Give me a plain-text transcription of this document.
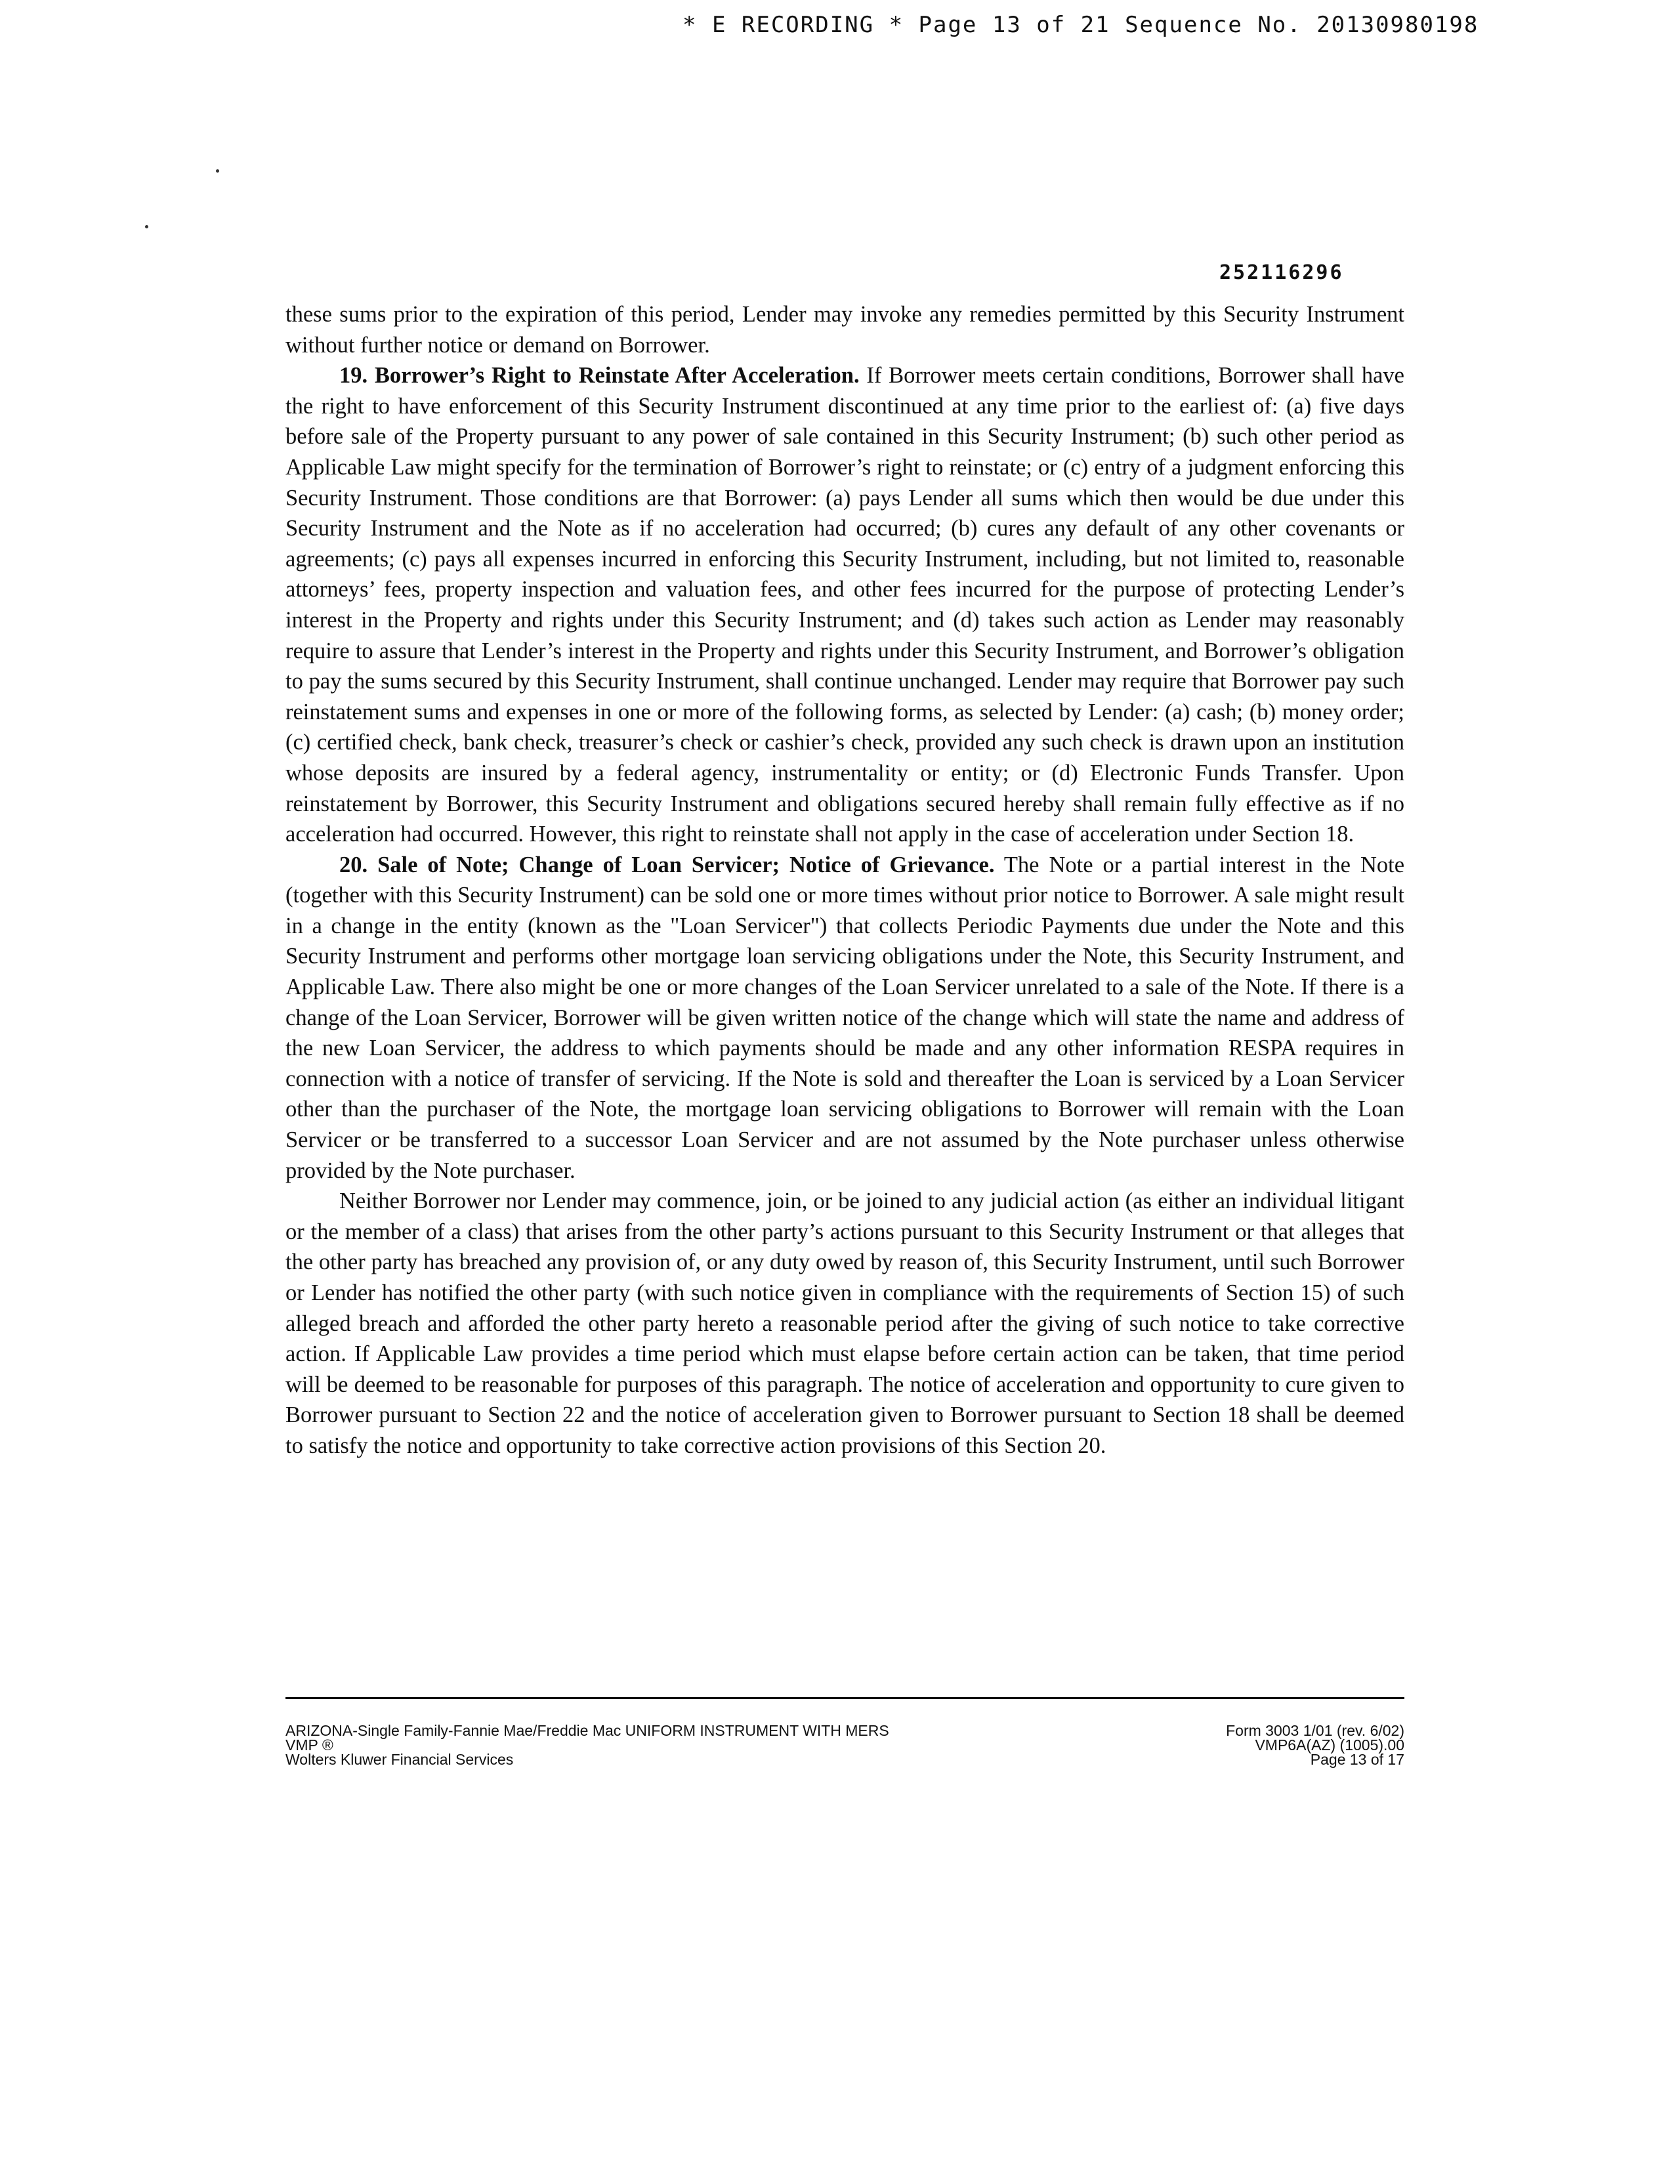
* E RECORDING * Page 13 of 21 Sequence No. 20130980198
252116296

these sums prior to the expiration of this period, Lender may invoke any remedies permitted by this Security Instrument without further notice or demand on Borrower.

19. Borrower’s Right to Reinstate After Acceleration. If Borrower meets certain conditions, Borrower shall have the right to have enforcement of this Security Instrument discontinued at any time prior to the earliest of: (a) five days before sale of the Property pursuant to any power of sale contained in this Security Instrument; (b) such other period as Applicable Law might specify for the termination of Borrower’s right to reinstate; or (c) entry of a judgment enforcing this Security Instrument. Those conditions are that Borrower: (a) pays Lender all sums which then would be due under this Security Instrument and the Note as if no acceleration had occurred; (b) cures any default of any other covenants or agreements; (c) pays all expenses incurred in enforcing this Security Instrument, including, but not limited to, reasonable attorneys’ fees, property inspection and valuation fees, and other fees incurred for the purpose of protecting Lender’s interest in the Property and rights under this Security Instrument; and (d) takes such action as Lender may reasonably require to assure that Lender’s interest in the Property and rights under this Security Instrument, and Borrower’s obligation to pay the sums secured by this Security Instrument, shall continue unchanged. Lender may require that Borrower pay such reinstatement sums and expenses in one or more of the following forms, as selected by Lender: (a) cash; (b) money order; (c) certified check, bank check, treasurer’s check or cashier’s check, provided any such check is drawn upon an institution whose deposits are insured by a federal agency, instrumentality or entity; or (d) Electronic Funds Transfer. Upon reinstatement by Borrower, this Security Instrument and obligations secured hereby shall remain fully effective as if no acceleration had occurred. However, this right to reinstate shall not apply in the case of acceleration under Section 18.

20. Sale of Note; Change of Loan Servicer; Notice of Grievance. The Note or a partial interest in the Note (together with this Security Instrument) can be sold one or more times without prior notice to Borrower. A sale might result in a change in the entity (known as the "Loan Servicer") that collects Periodic Payments due under the Note and this Security Instrument and performs other mortgage loan servicing obligations under the Note, this Security Instrument, and Applicable Law. There also might be one or more changes of the Loan Servicer unrelated to a sale of the Note. If there is a change of the Loan Servicer, Borrower will be given written notice of the change which will state the name and address of the new Loan Servicer, the address to which payments should be made and any other information RESPA requires in connection with a notice of transfer of servicing. If the Note is sold and thereafter the Loan is serviced by a Loan Servicer other than the purchaser of the Note, the mortgage loan servicing obligations to Borrower will remain with the Loan Servicer or be transferred to a successor Loan Servicer and are not assumed by the Note purchaser unless otherwise provided by the Note purchaser.

Neither Borrower nor Lender may commence, join, or be joined to any judicial action (as either an individual litigant or the member of a class) that arises from the other party’s actions pursuant to this Security Instrument or that alleges that the other party has breached any provision of, or any duty owed by reason of, this Security Instrument, until such Borrower or Lender has notified the other party (with such notice given in compliance with the requirements of Section 15) of such alleged breach and afforded the other party hereto a reasonable period after the giving of such notice to take corrective action. If Applicable Law provides a time period which must elapse before certain action can be taken, that time period will be deemed to be reasonable for purposes of this paragraph. The notice of acceleration and opportunity to cure given to Borrower pursuant to Section 22 and the notice of acceleration given to Borrower pursuant to Section 18 shall be deemed to satisfy the notice and opportunity to take corrective action provisions of this Section 20.

ARIZONA-Single Family-Fannie Mae/Freddie Mac UNIFORM INSTRUMENT WITH MERS
VMP ®
Wolters Kluwer Financial Services
Form 3003 1/01 (rev. 6/02)
VMP6A(AZ) (1005).00
Page 13 of 17
